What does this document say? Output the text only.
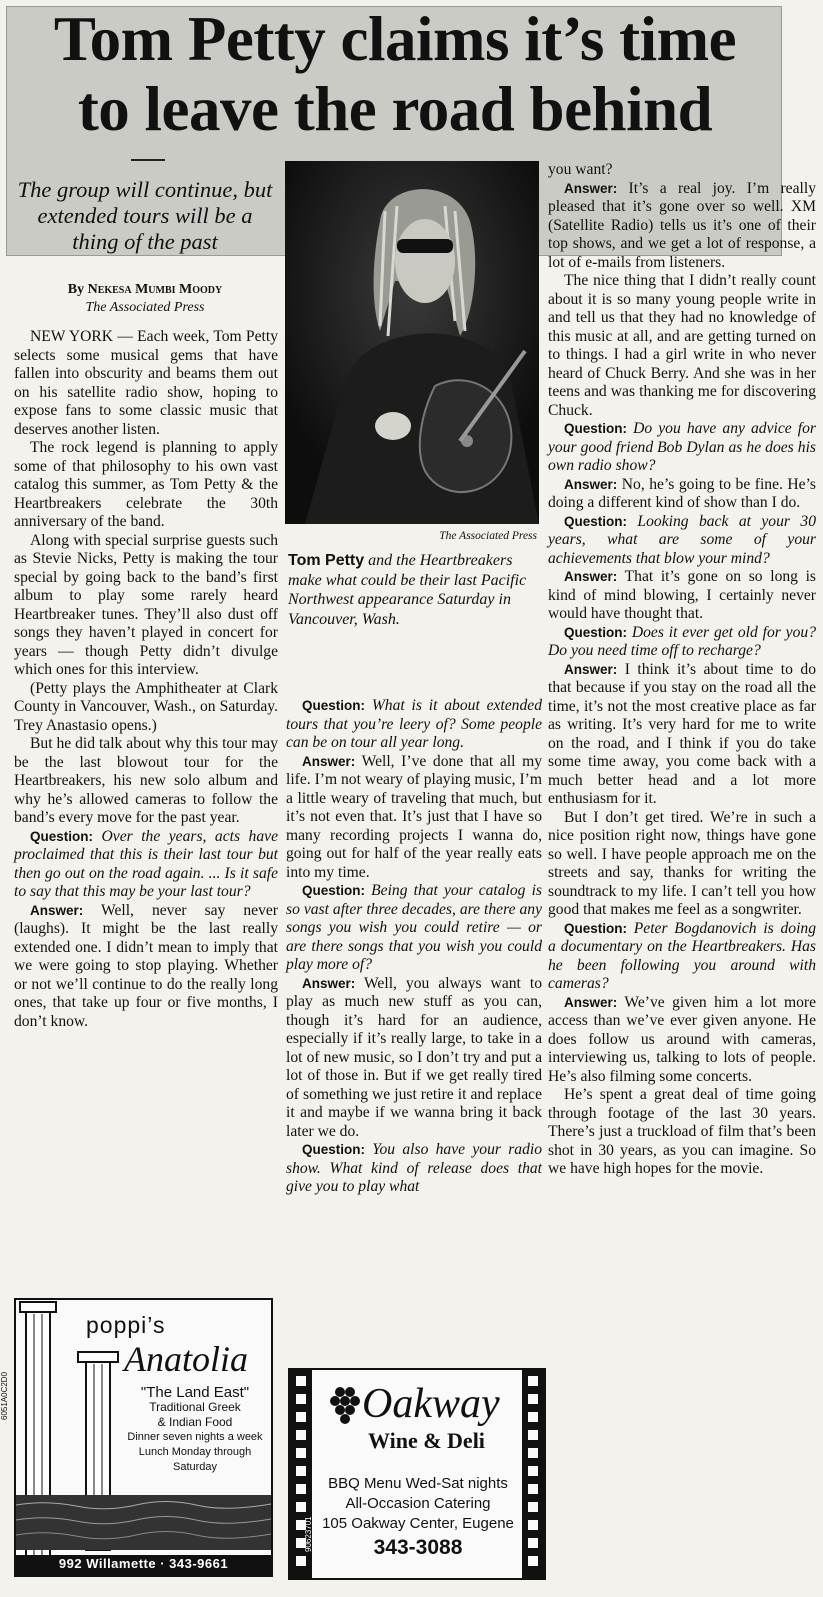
Tom Petty claims it’s time
to leave the road behind

The group will continue, but extended tours will be a thing of the past

By Nekesa Mumbi Moody
The Associated Press

The Associated Press

Tom Petty and the Heartbreakers make what could be their last Pacific Northwest appearance Saturday in Vancouver, Wash.

NEW YORK — Each week, Tom Petty selects some musical gems that have fallen into obscurity and beams them out on his satellite radio show, hoping to expose fans to some classic music that deserves another listen.

The rock legend is planning to apply some of that philosophy to his own vast catalog this summer, as Tom Petty & the Heartbreakers celebrate the 30th anniversary of the band.

Along with special surprise guests such as Stevie Nicks, Petty is making the tour special by going back to the band’s first album to play some rarely heard Heartbreaker tunes. They’ll also dust off songs they haven’t played in concert for years — though Petty didn’t divulge which ones for this interview.

(Petty plays the Amphitheater at Clark County in Vancouver, Wash., on Saturday. Trey Anastasio opens.)

But he did talk about why this tour may be the last blowout tour for the Heartbreakers, his new solo album and why he’s allowed cameras to follow the band’s every move for the past year.

Question: Over the years, acts have proclaimed that this is their last tour but then go out on the road again. ... Is it safe to say that this may be your last tour?

Answer: Well, never say never (laughs). It might be the last really extended one. I didn’t mean to imply that we were going to stop playing. Whether or not we’ll continue to do the really long ones, that take up four or five months, I don’t know.

Question: What is it about extended tours that you’re leery of? Some people can be on tour all year long.

Answer: Well, I’ve done that all my life. I’m not weary of playing music, I’m a little weary of traveling that much, but it’s not even that. It’s just that I have so many recording projects I wanna do, going out for half of the year really eats into my time.

Question: Being that your catalog is so vast after three decades, are there any songs you wish you could retire — or are there songs that you wish you could play more of?

Answer: Well, you always want to play as much new stuff as you can, though it’s hard for an audience, especially if it’s really large, to take in a lot of new music, so I don’t try and put a lot of those in. But if we get really tired of something we just retire it and replace it and maybe if we wanna bring it back later we do.

Question: You also have your radio show. What kind of release does that give you to play what

you want?

Answer: It’s a real joy. I’m really pleased that it’s gone over so well. XM (Satellite Radio) tells us it’s one of their top shows, and we get a lot of response, a lot of e-mails from listeners.

The nice thing that I didn’t really count about it is so many young people write in and tell us that they had no knowledge of this music at all, and are getting turned on to things. I had a girl write in who never heard of Chuck Berry. And she was in her teens and was thanking me for discovering Chuck.

Question: Do you have any advice for your good friend Bob Dylan as he does his own radio show?

Answer: No, he’s going to be fine. He’s doing a different kind of show than I do.

Question: Looking back at your 30 years, what are some of your achievements that blow your mind?

Answer: That it’s gone on so long is kind of mind blowing, I certainly never would have thought that.

Question: Does it ever get old for you? Do you need time off to recharge?

Answer: I think it’s about time to do that because if you stay on the road all the time, it’s not the most creative place as far as writing. It’s very hard for me to write on the road, and I think if you do take some time away, you come back with a much better head and a lot more enthusiasm for it.

But I don’t get tired. We’re in such a nice position right now, things have gone so well. I have people approach me on the streets and say, thanks for writing the soundtrack to my life. I can’t tell you how good that makes me feel as a songwriter.

Question: Peter Bogdanovich is doing a documentary on the Heartbreakers. Has he been following you around with cameras?

Answer: We’ve given him a lot more access than we’ve ever given anyone. He does follow us around with cameras, interviewing us, talking to lots of people. He’s also filming some concerts.

He’s spent a great deal of time going through footage of the last 30 years. There’s just a truckload of film that’s been shot in 30 years, as you can imagine. So we have high hopes for the movie.

poppi’s
Anatolia
"The Land East"
Traditional Greek
& Indian Food
Dinner seven nights a week
Lunch Monday through
Saturday
992 Willamette · 343-9661
6051A0C2D0	Oakway
Wine & Deli
BBQ Menu Wed-Sat nights
All-Occasion Catering
105 Oakway Center, Eugene
343-3088
90623701
